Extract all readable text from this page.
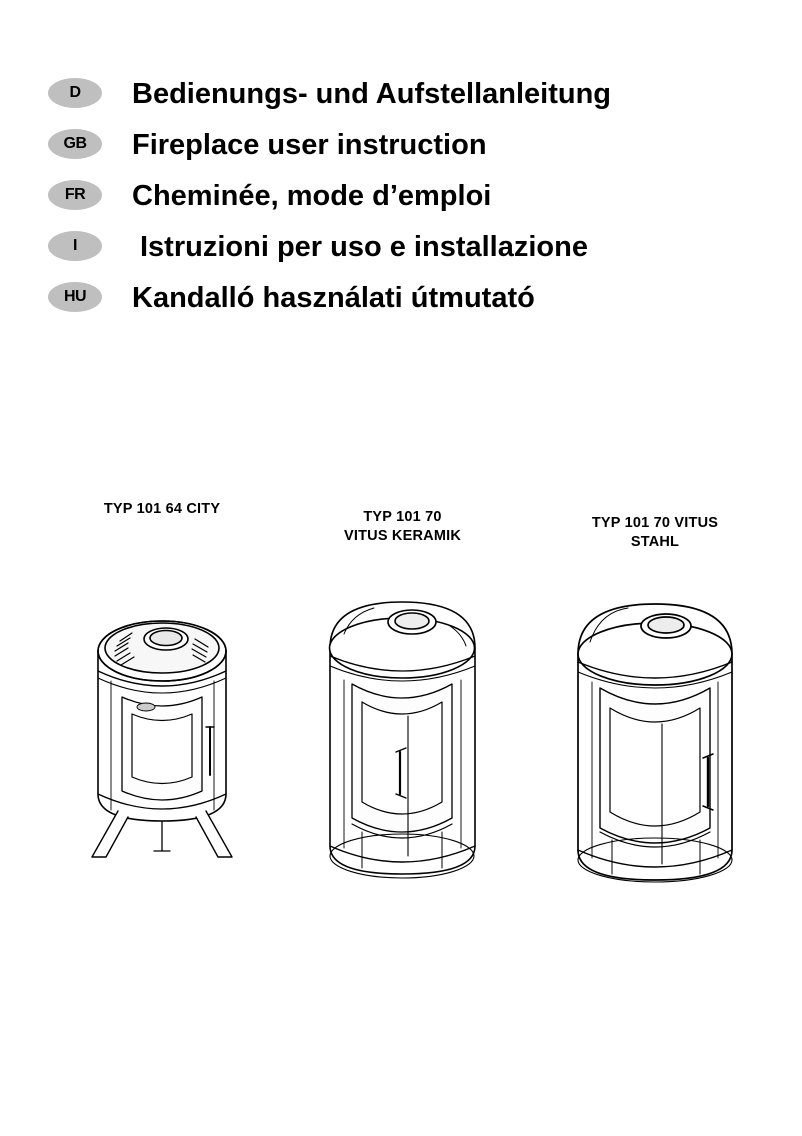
D	Bedienungs- und Aufstellanleitung
GB	Fireplace user instruction
FR	Cheminée, mode d’emploi
I	Istruzioni per uso e installazione
HU	Kandalló használati útmutató
TYP 101 64 CITY	TYP 101 70
VITUS KERAMIK
TYP 101 70 VITUS
STAHL
